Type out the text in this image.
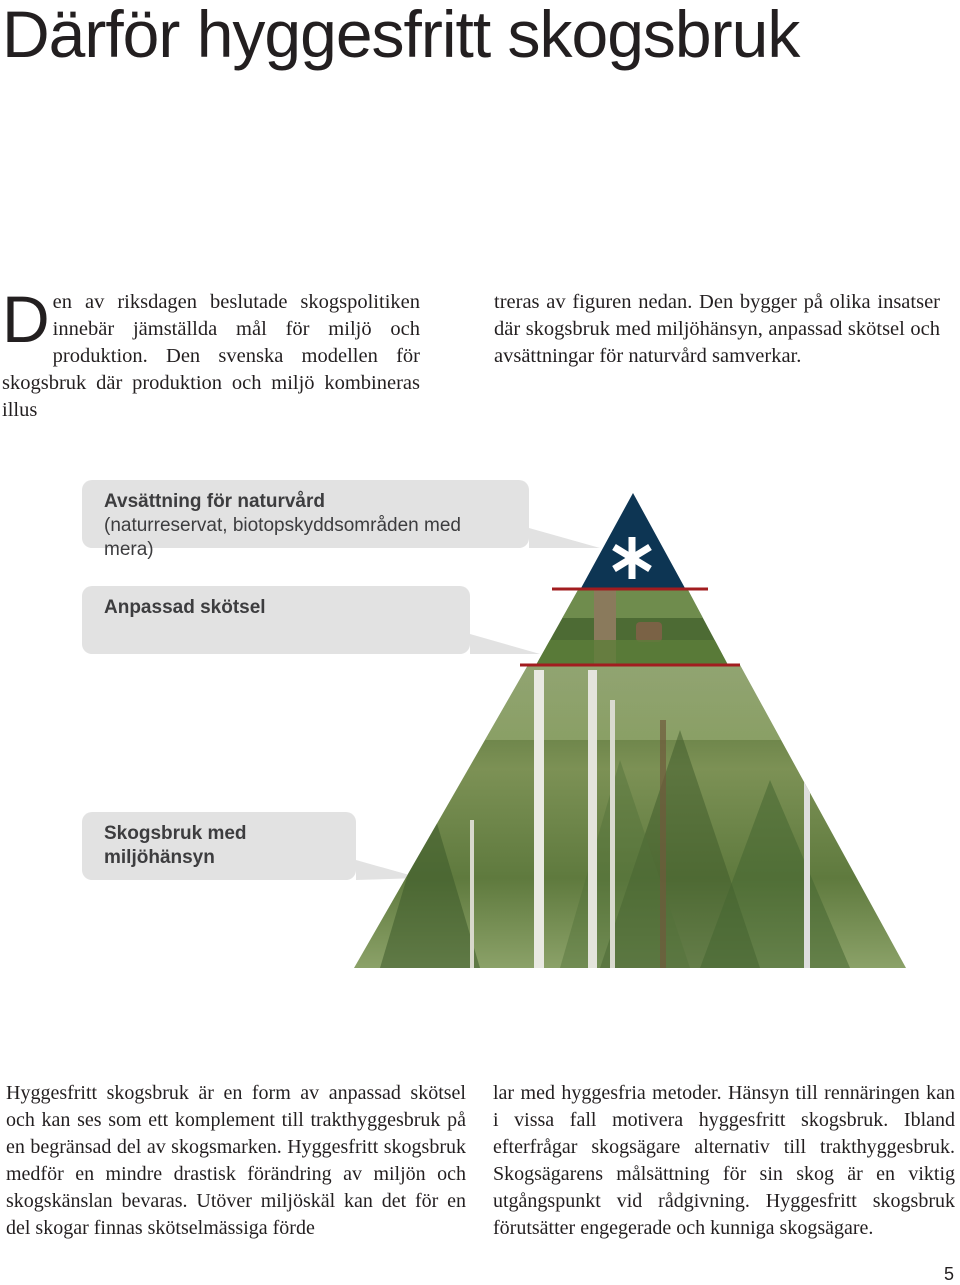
Därför hyggesfritt skogsbruk
D en av riksdagen beslutade skogspolitiken innebär jämställda mål för miljö och produktion. Den svenska modellen för skogsbruk där produktion och miljö kombineras illus

treras av figuren nedan. Den bygger på olika insatser där skogsbruk med miljöhänsyn, anpassad skötsel och avsättningar för naturvård samverkar.

Avsättning för naturvård
(naturreservat, biotopskyddsområden med mera)
Anpassad skötsel
Skogsbruk med miljöhänsyn

Hyggesfritt skogsbruk är en form av anpassad skötsel och kan ses som ett komplement till trakthyggesbruk på en begränsad del av skogsmarken. Hyggesfritt skogsbruk medför en mindre drastisk förändring av miljön och skogskänslan bevaras. Utöver miljöskäl kan det för en del skogar finnas skötselmässiga förde

lar med hyggesfria metoder. Hänsyn till rennäringen kan i vissa fall motivera hyggesfritt skogsbruk. Ibland efterfrågar skogsägare alternativ till trakthyggesbruk. Skogsägarens målsättning för sin skog är en viktig utgångspunkt vid rådgivning. Hyggesfritt skogsbruk förutsätter engegerade och kunniga skogsägare.

5
